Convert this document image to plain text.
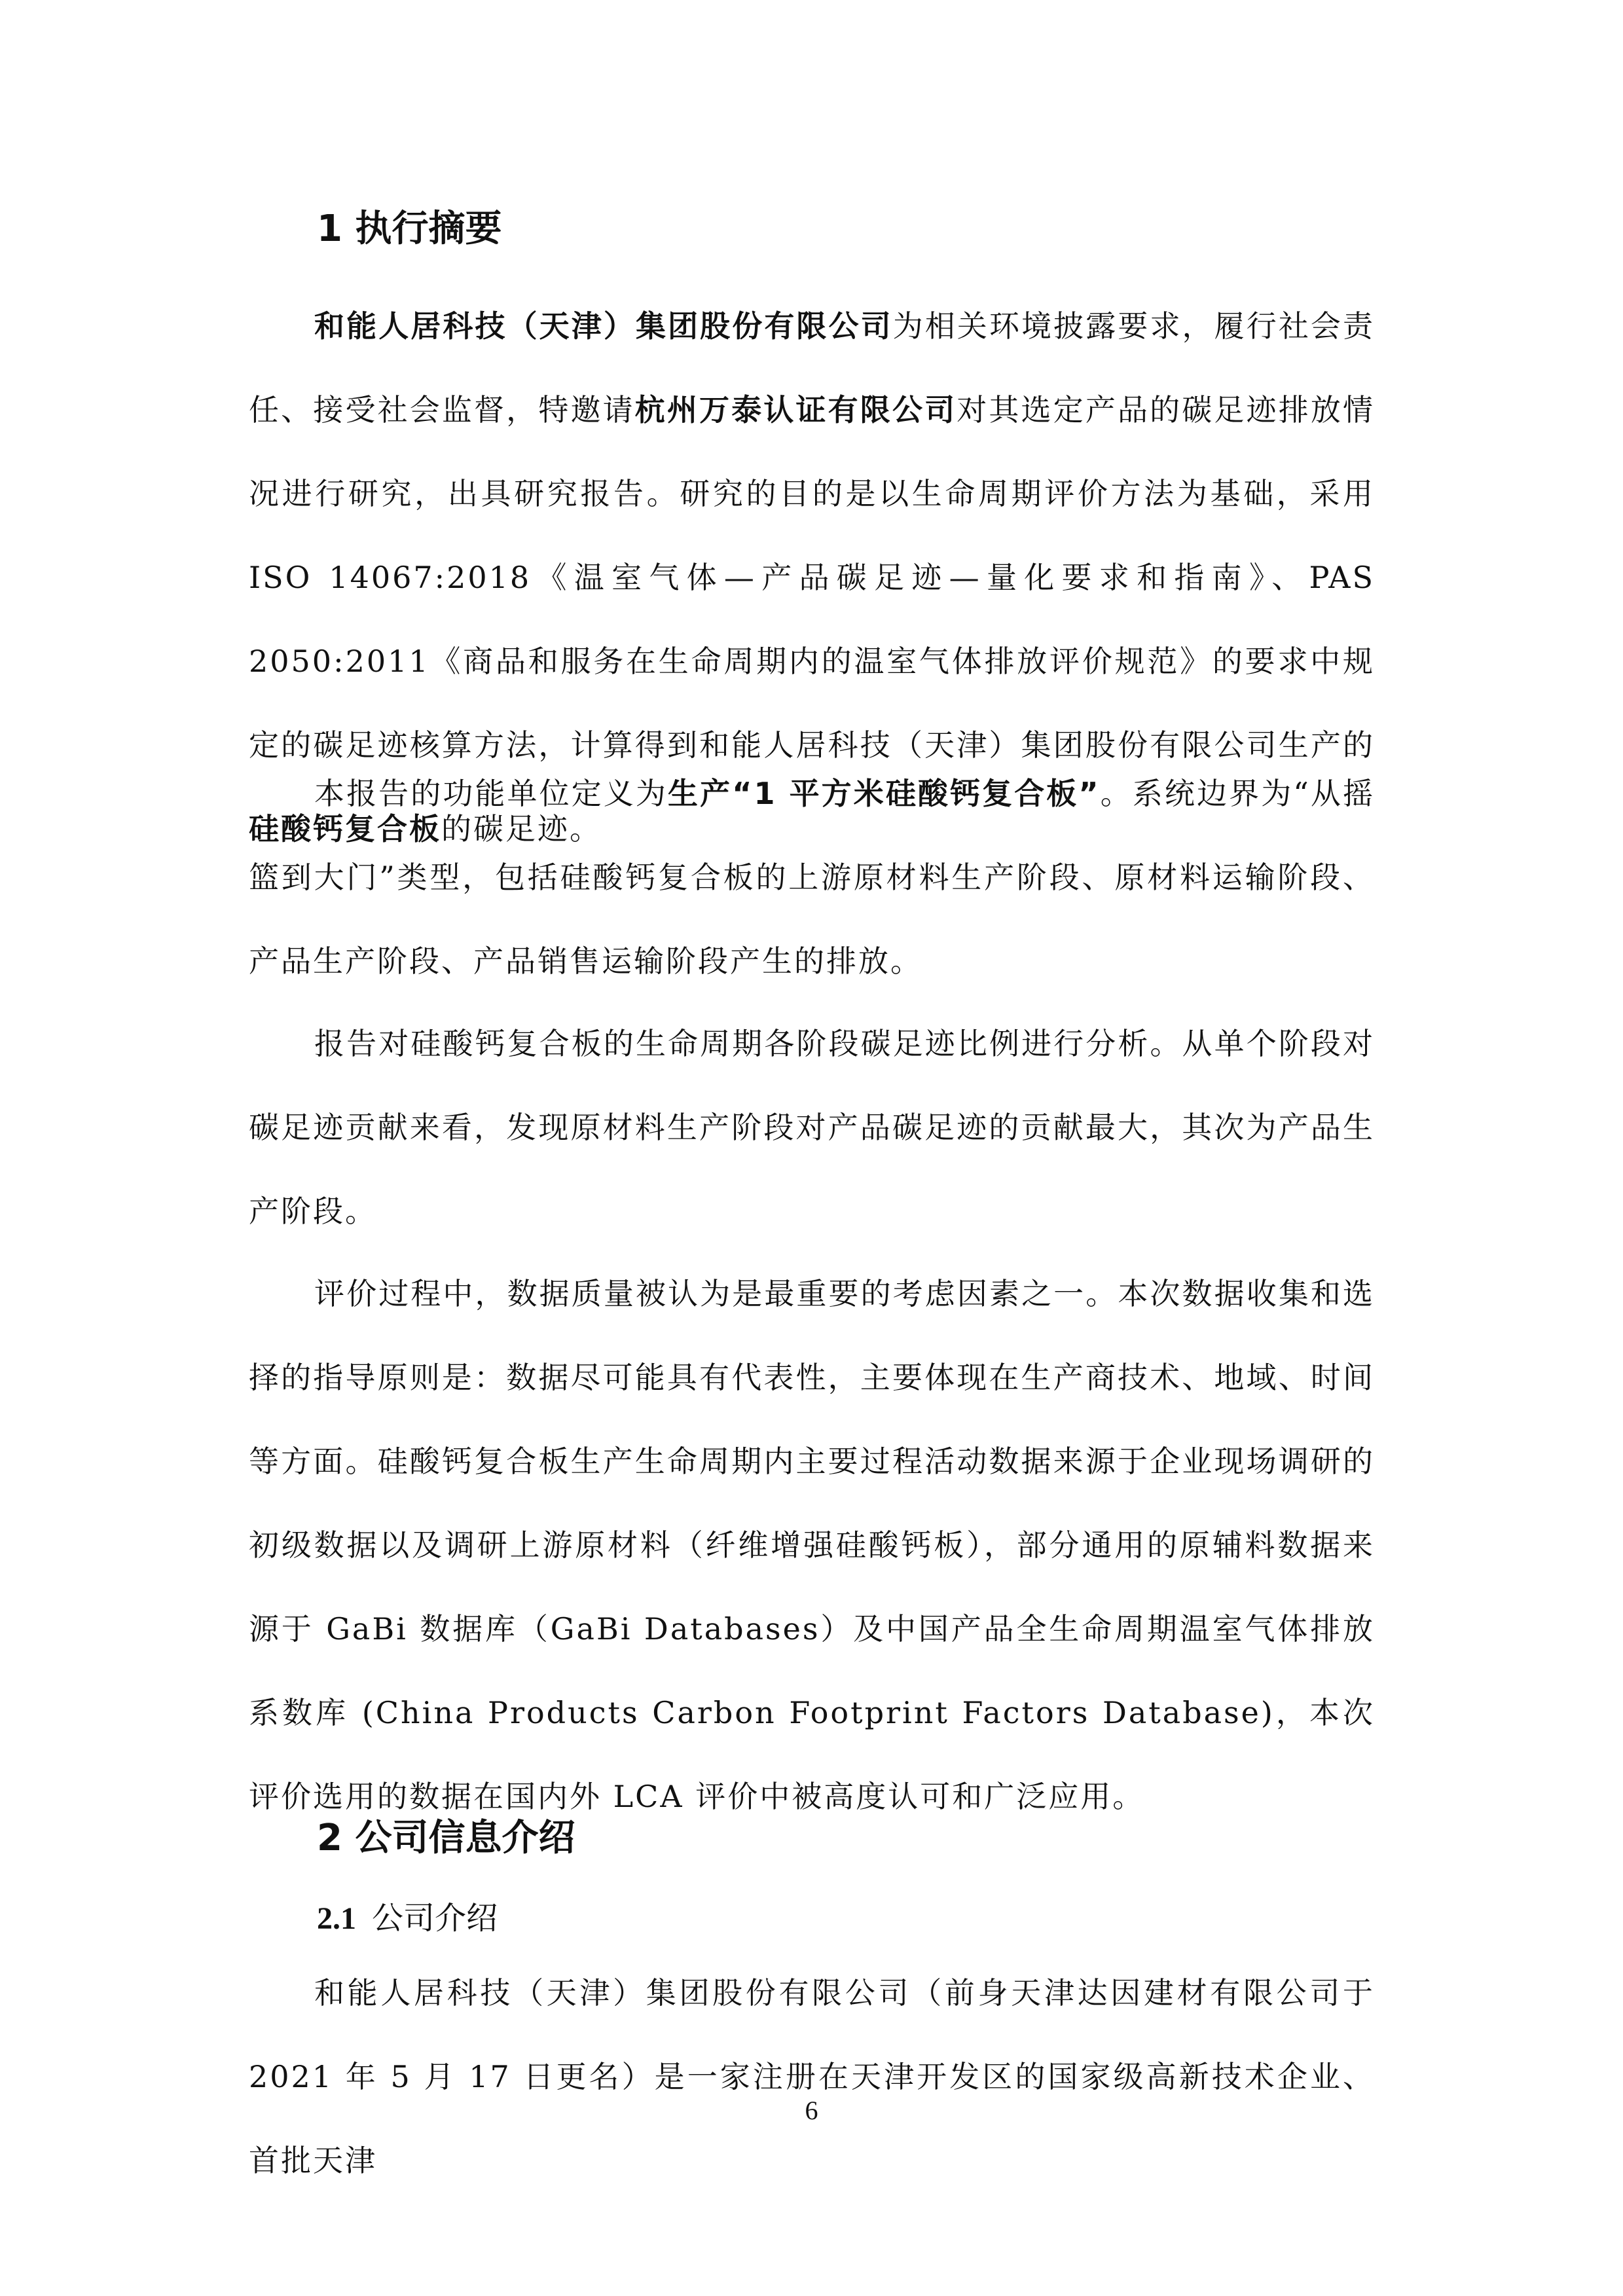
1 执行摘要

和能人居科技（天津）集团股份有限公司为相关环境披露要求，履行社会责任、接受社会监督，特邀请杭州万泰认证有限公司对其选定产品的碳足迹排放情况进行研究，出具研究报告。研究的目的是以生命周期评价方法为基础，采用 ISO 14067:2018《温室气体—产品碳足迹—量化要求和指南》、PAS 2050:2011《商品和服务在生命周期内的温室气体排放评价规范》的要求中规定的碳足迹核算方法，计算得到和能人居科技（天津）集团股份有限公司生产的硅酸钙复合板的碳足迹。

本报告的功能单位定义为生产“1 平方米硅酸钙复合板”。系统边界为“从摇篮到大门”类型，包括硅酸钙复合板的上游原材料生产阶段、原材料运输阶段、产品生产阶段、产品销售运输阶段产生的排放。

报告对硅酸钙复合板的生命周期各阶段碳足迹比例进行分析。从单个阶段对碳足迹贡献来看，发现原材料生产阶段对产品碳足迹的贡献最大，其次为产品生产阶段。

评价过程中，数据质量被认为是最重要的考虑因素之一。本次数据收集和选择的指导原则是：数据尽可能具有代表性，主要体现在生产商技术、地域、时间等方面。硅酸钙复合板生产生命周期内主要过程活动数据来源于企业现场调研的初级数据以及调研上游原材料（纤维增强硅酸钙板），部分通用的原辅料数据来源于 GaBi 数据库（GaBi Databases）及中国产品全生命周期温室气体排放系数库 (China Products Carbon Footprint Factors Database)，本次评价选用的数据在国内外 LCA 评价中被高度认可和广泛应用。

2 公司信息介绍
2.1 公司介绍

和能人居科技（天津）集团股份有限公司（前身天津达因建材有限公司于 2021 年 5 月 17 日更名）是一家注册在天津开发区的国家级高新技术企业、首批天津

6
